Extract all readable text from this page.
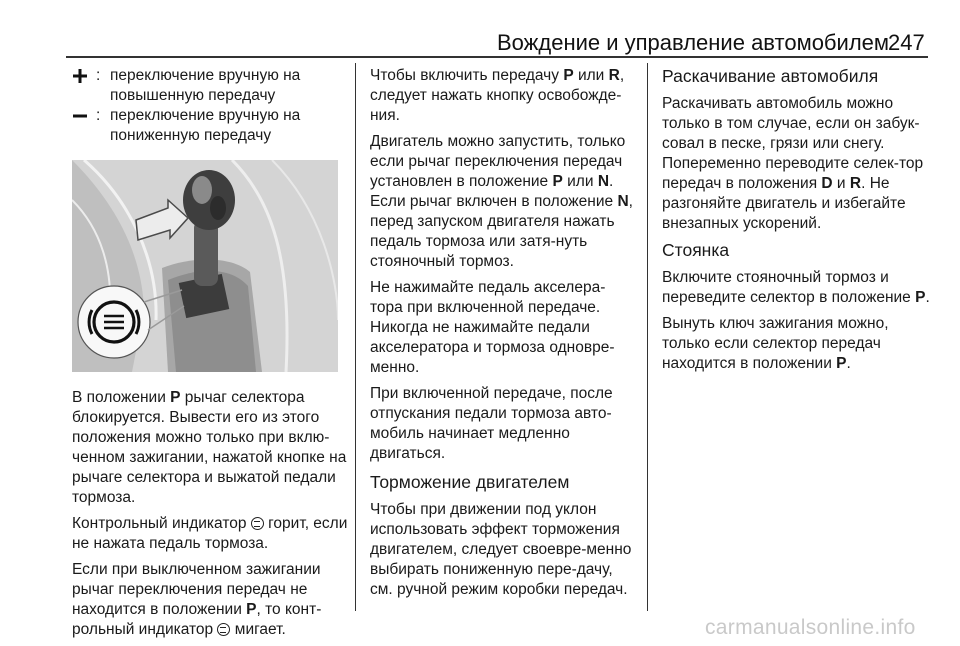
Вождение и управление автомобилем
247
: переключение вручную на повышенную передачу
: переключение вручную на пониженную передачу

В положении P рычаг селектора блокируется. Вывести его из этого положения можно только при вклю‐ченном зажигании, нажатой кнопке на рычаге селектора и выжатой педали тормоза.

Контрольный индикатор  горит, если не нажата педаль тормоза.

Если при выключенном зажигании рычаг переключения передач не находится в положении P, то конт‐рольный индикатор  мигает.

Чтобы включить передачу P или R, следует нажать кнопку освобожде‐ния.

Двигатель можно запустить, только если рычаг переключения передач установлен в положение P или N. Если рычаг включен в положение N, перед запуском двигателя нажать педаль тормоза или затя‐нуть стояночный тормоз.

Не нажимайте педаль акселера‐тора при включенной передаче. Никогда не нажимайте педали акселератора и тормоза одновре‐менно.

При включенной передаче, после отпускания педали тормоза авто‐мобиль начинает медленно двигаться.

Торможение двигателем

Чтобы при движении под уклон использовать эффект торможения двигателем, следует своевре‐менно выбирать пониженную пере‐дачу, см. ручной режим коробки передач.

Раскачивание автомобиля

Раскачивать автомобиль можно только в том случае, если он забук‐совал в песке, грязи или снегу. Попеременно переводите селек‐тор передач в положения D и R. Не разгоняйте двигатель и избегайте внезапных ускорений.

Стоянка

Включите стояночный тормоз и переведите селектор в положение P.

Вынуть ключ зажигания можно, только если селектор передач находится в положении P.

carmanualsonline.info
